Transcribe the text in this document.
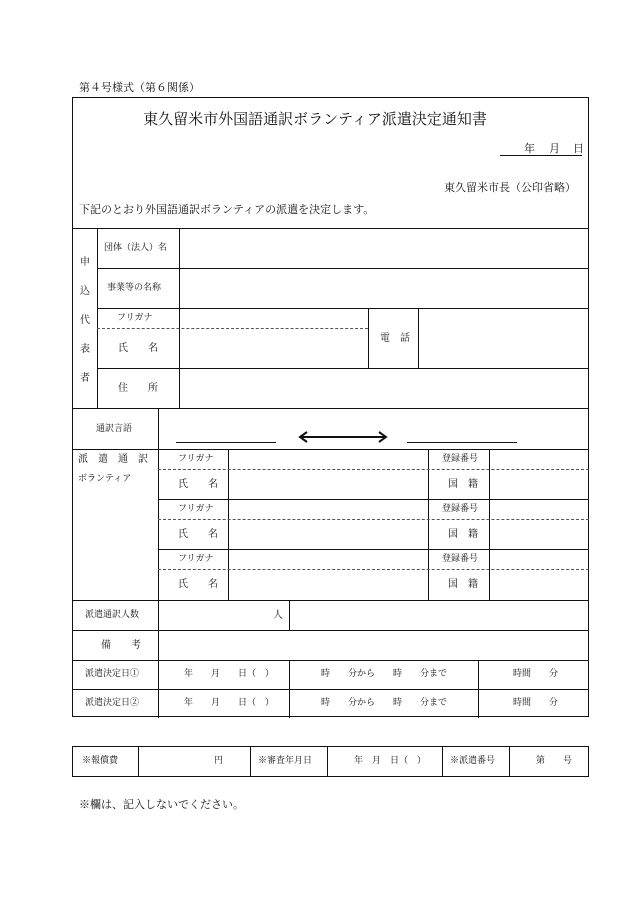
第４号様式（第６関係）
東久留米市外国語通訳ボランティア派遣決定通知書
年 月 日
東久留米市長（公印省略）
下記のとおり外国語通訳ボランティアの派遣を決定します。
申
込
代
表
者
団体（法人）名
事業等の名称
フリガナ
氏　　名
電　話
住　　所
通訳言語
派　遣　通　訳
ボランティア
フリガナ	登録番号
氏　　名	国　籍
フリガナ	登録番号
氏　　名	国　籍
フリガナ	登録番号
氏　　名	国　籍
派遣通訳人数	人
備　　考
派遣決定日①	年　　月　　日（　）	時　　分から　　時　　分まで	時間　　分
派遣決定日②	年　　月　　日（　）	時　　分から　　時　　分まで	時間　　分
※報償費	円	※審査年月日	年　月　日（　）	※派遣番号	第　　号
※欄は、記入しないでください。
